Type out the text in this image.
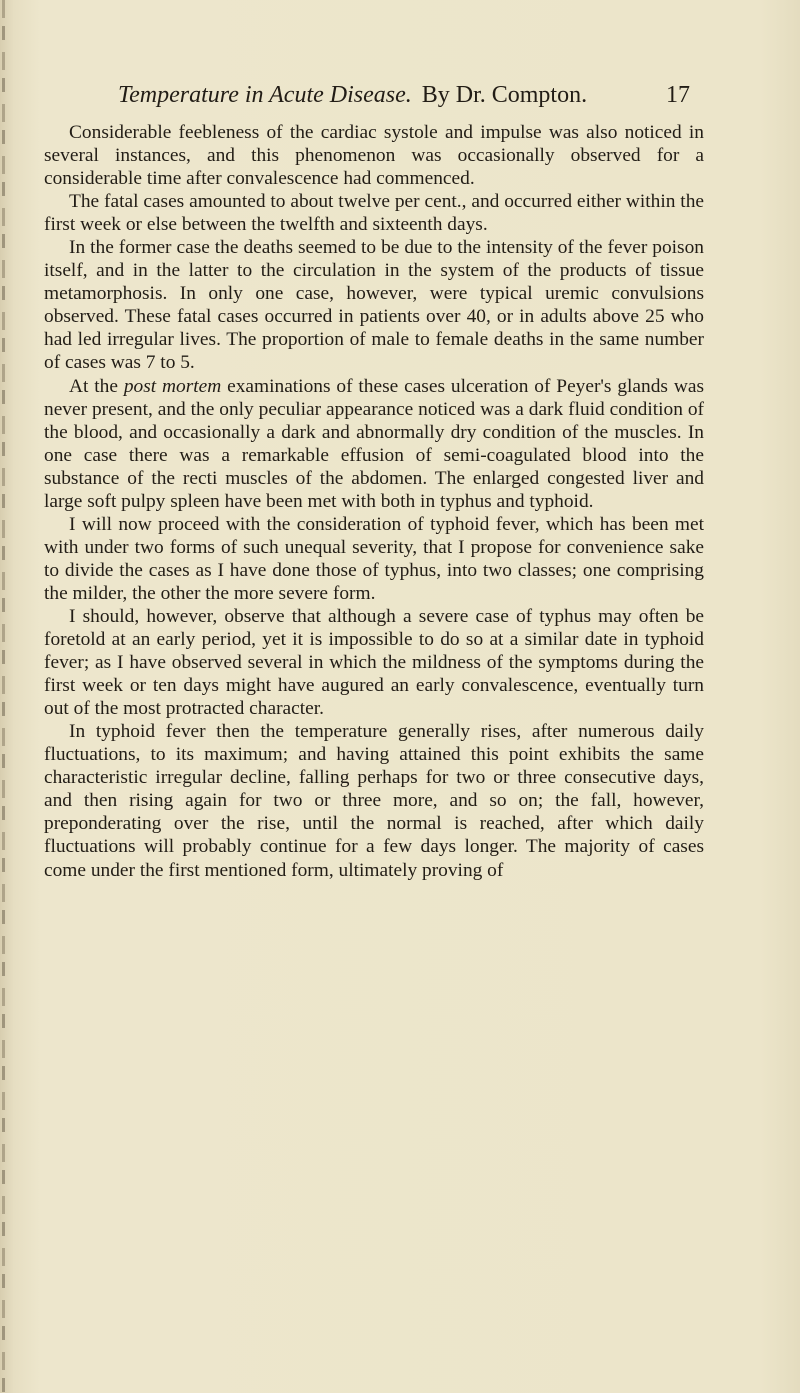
Temperature in Acute Disease. By Dr. Compton.	17

Considerable feebleness of the cardiac systole and impulse was also noticed in several instances, and this phenomenon was occasionally observed for a considerable time after convalescence had commenced.

The fatal cases amounted to about twelve per cent., and occurred either within the first week or else between the twelfth and sixteenth days.

In the former case the deaths seemed to be due to the intensity of the fever poison itself, and in the latter to the circulation in the system of the products of tissue metamorphosis. In only one case, however, were typical uremic convulsions observed. These fatal cases occurred in patients over 40, or in adults above 25 who had led irregular lives. The proportion of male to female deaths in the same number of cases was 7 to 5.

At the post mortem examinations of these cases ulceration of Peyer's glands was never present, and the only peculiar appearance noticed was a dark fluid condition of the blood, and occasionally a dark and abnormally dry condition of the muscles. In one case there was a remarkable effusion of semi-coagulated blood into the substance of the recti muscles of the abdomen. The enlarged congested liver and large soft pulpy spleen have been met with both in typhus and typhoid.

I will now proceed with the consideration of typhoid fever, which has been met with under two forms of such unequal severity, that I propose for convenience sake to divide the cases as I have done those of typhus, into two classes; one comprising the milder, the other the more severe form.

I should, however, observe that although a severe case of typhus may often be foretold at an early period, yet it is impossible to do so at a similar date in typhoid fever; as I have observed several in which the mildness of the symptoms during the first week or ten days might have augured an early convalescence, eventually turn out of the most protracted character.

In typhoid fever then the temperature generally rises, after numerous daily fluctuations, to its maximum; and having attained this point exhibits the same characteristic irregular decline, falling perhaps for two or three consecutive days, and then rising again for two or three more, and so on; the fall, however, preponderating over the rise, until the normal is reached, after which daily fluctuations will probably continue for a few days longer. The majority of cases come under the first mentioned form, ultimately proving of
